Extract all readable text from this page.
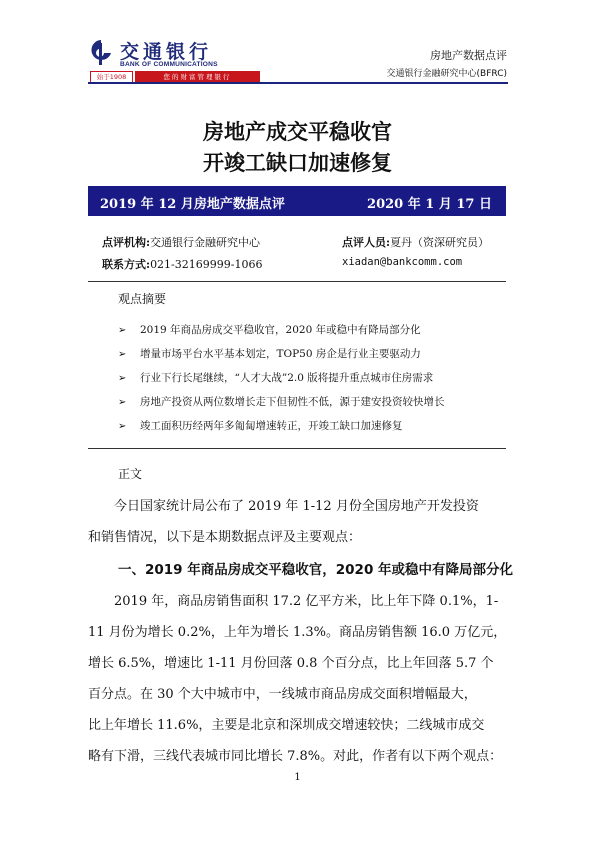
交通银行
BANK OF COMMUNICATIONS
始于1908	您的财富管理银行
房地产数据点评
交通银行金融研究中心(BFRC)
房地产成交平稳收官
开竣工缺口加速修复
2019 年 12 月房地产数据点评	2020 年 1 月 17 日
点评机构:交通银行金融研究中心
联系方式:021-32169999-1066
点评人员:夏丹（资深研究员）
xiadan@bankcomm.com
观点摘要
➢ 2019 年商品房成交平稳收官，2020 年或稳中有降局部分化
➢ 增量市场平台水平基本划定，TOP50 房企是行业主要驱动力
➢ 行业下行长尾继续，“人才大战”2.0 版将提升重点城市住房需求
➢ 房地产投资从两位数增长走下但韧性不低，源于建安投资较快增长
➢ 竣工面积历经两年多匍匐增速转正，开竣工缺口加速修复
正文
今日国家统计局公布了 2019 年 1-12 月份全国房地产开发投资
和销售情况，以下是本期数据点评及主要观点：
一、2019 年商品房成交平稳收官，2020 年或稳中有降局部分化
2019 年，商品房销售面积 17.2 亿平方米，比上年下降 0.1%，1-
11 月份为增长 0.2%，上年为增长 1.3%。商品房销售额 16.0 万亿元，
增长 6.5%，增速比 1-11 月份回落 0.8 个百分点，比上年回落 5.7 个
百分点。在 30 个大中城市中，一线城市商品房成交面积增幅最大，
比上年增长 11.6%，主要是北京和深圳成交增速较快；二线城市成交
略有下滑，三线代表城市同比增长 7.8%。对此，作者有以下两个观点：
1
